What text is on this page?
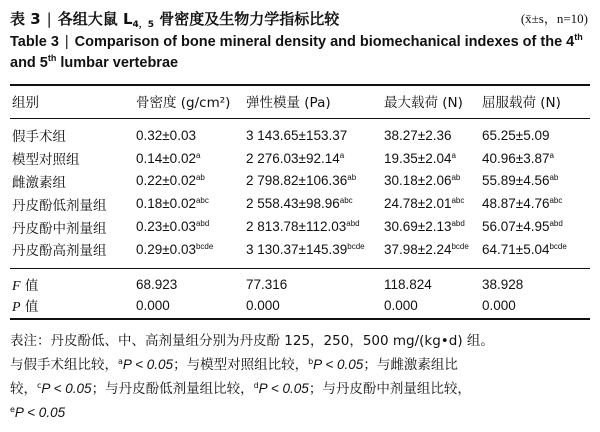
表 3 | 各组大鼠 $L_{4,5}$ 骨密度及生物力学指标比较	(x̄±s，n=10)
Table 3 | Comparison of bone mineral density and biomechanical indexes of the 4th and 5th lumbar vertebrae
组别	骨密度 (g/cm²)	弹性模量 (Pa)	最大载荷 (N)	屈服载荷 (N)
假手术组	0.32±0.03	3 143.65±153.37	38.27±2.36	65.25±5.09
模型对照组	0.14±0.02$^a$	2 276.03±92.14$^a$	19.35±2.04$^a$	40.96±3.87$^a$
雌激素组	0.22±0.02$^{ab}$	2 798.82±106.36$^{ab}$	30.18±2.06$^{ab}$	55.89±4.56$^{ab}$
丹皮酚低剂量组	0.18±0.02$^{abc}$	2 558.43±98.96$^{abc}$	24.78±2.01$^{abc}$	48.87±4.76$^{abc}$
丹皮酚中剂量组	0.23±0.03$^{abd}$	2 813.78±112.03$^{abd}$	30.69±2.13$^{abd}$	56.07±4.95$^{abd}$
丹皮酚高剂量组	$0.29\pm 0.03^{bcde}$	3 $130.37\pm 145.39^{bcde}$	$37.98\pm 2.24^{bcde}$	$64.71\pm 5.04^{bcde}$
F 值	68.923	77.316	118.824	38.928
P 值	0.000	0.000	0.000	0.000
表注：丹皮酚低、中、高剂量组分别为丹皮酚 125，250，500 mg/(kg•d) 组。
与假手术组比较，$^a$P < 0.05；与模型对照组比较，$^b$P < 0.05；与雌激素组比
较，$^c$P < 0.05；与丹皮酚低剂量组比较，$^d$P < 0.05；与丹皮酚中剂量组比较，
$^e$P < 0.05
